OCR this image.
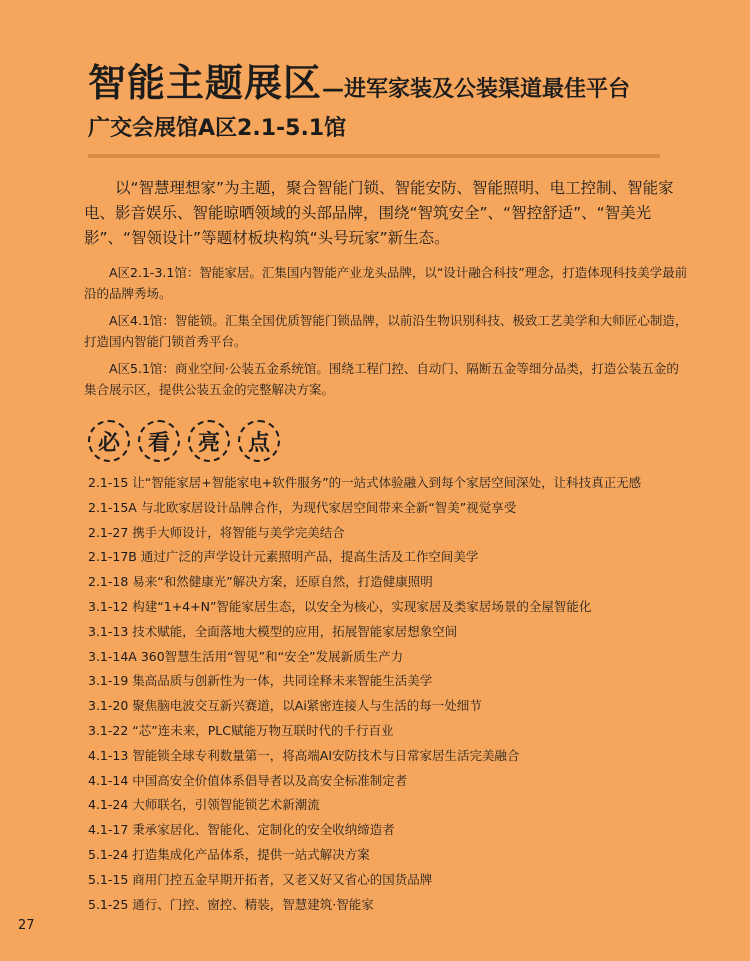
智能主题展区—进军家装及公装渠道最佳平台
广交会展馆A区2.1-5.1馆

以“智慧理想家”为主题，聚合智能门锁、智能安防、智能照明、电工控制、智能家电、影音娱乐、智能晾晒领域的头部品牌，围绕“智筑安全”、“智控舒适”、“智美光影”、“智领设计”等题材板块构筑“头号玩家”新生态。

A区2.1-3.1馆：智能家居。汇集国内智能产业龙头品牌，以“设计融合科技”理念，打造体现科技美学最前沿的品牌秀场。

A区4.1馆：智能锁。汇集全国优质智能门锁品牌，以前沿生物识别科技、极致工艺美学和大师匠心制造，打造国内智能门锁首秀平台。

A区5.1馆：商业空间·公装五金系统馆。围绕工程门控、自动门、隔断五金等细分品类，打造公装五金的集合展示区，提供公装五金的完整解决方案。

必	看	亮	点
2.1-15 让“智能家居+智能家电+软件服务”的一站式体验融入到每个家居空间深处，让科技真正无感
2.1-15A 与北欧家居设计品牌合作，为现代家居空间带来全新“智美”视觉享受
2.1-27 携手大师设计，将智能与美学完美结合
2.1-17B 通过广泛的声学设计元素照明产品，提高生活及工作空间美学
2.1-18 易来“和然健康光”解决方案，还原自然，打造健康照明
3.1-12 构建“1+4+N”智能家居生态，以安全为核心，实现家居及类家居场景的全屋智能化
3.1-13 技术赋能，全面落地大模型的应用，拓展智能家居想象空间
3.1-14A 360智慧生活用“智见”和“安全”发展新质生产力
3.1-19 集高品质与创新性为一体，共同诠释未来智能生活美学
3.1-20 聚焦脑电波交互新兴赛道，以Ai紧密连接人与生活的每一处细节
3.1-22 “芯”连未来，PLC赋能万物互联时代的千行百业
4.1-13 智能锁全球专利数量第一，将高端AI安防技术与日常家居生活完美融合
4.1-14 中国高安全价值体系倡导者以及高安全标准制定者
4.1-24 大师联名，引领智能锁艺术新潮流
4.1-17 秉承家居化、智能化、定制化的安全收纳缔造者
5.1-24 打造集成化产品体系，提供一站式解决方案
5.1-15 商用门控五金早期开拓者，又老又好又省心的国货品牌
5.1-25 通行、门控、窗控、精装，智慧建筑·智能家
27
